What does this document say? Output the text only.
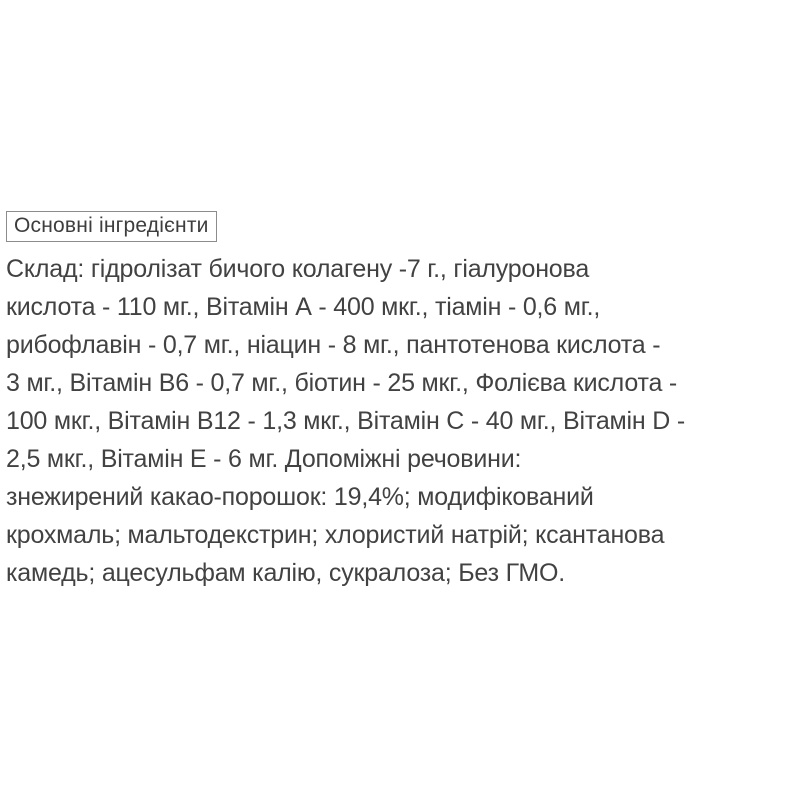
Основні інгредієнти
Склад: гідролізат бичого колагену -7 г., гіалуронова
кислота - 110 мг., Вітамін А - 400 мкг., тіамін - 0,6 мг.,
рибофлавін - 0,7 мг., ніацин - 8 мг., пантотенова кислота -
3 мг., Вітамін В6 - 0,7 мг., біотин - 25 мкг., Фолієва кислота -
100 мкг., Вітамін В12 - 1,3 мкг., Вітамін С - 40 мг., Вітамін D -
2,5 мкг., Вітамін Е - 6 мг. Допоміжні речовини:
знежирений какао-порошок: 19,4%; модифікований
крохмаль; мальтодекстрин; хлористий натрій; ксантанова
камедь; ацесульфам калію, сукралоза; Без ГМО.
